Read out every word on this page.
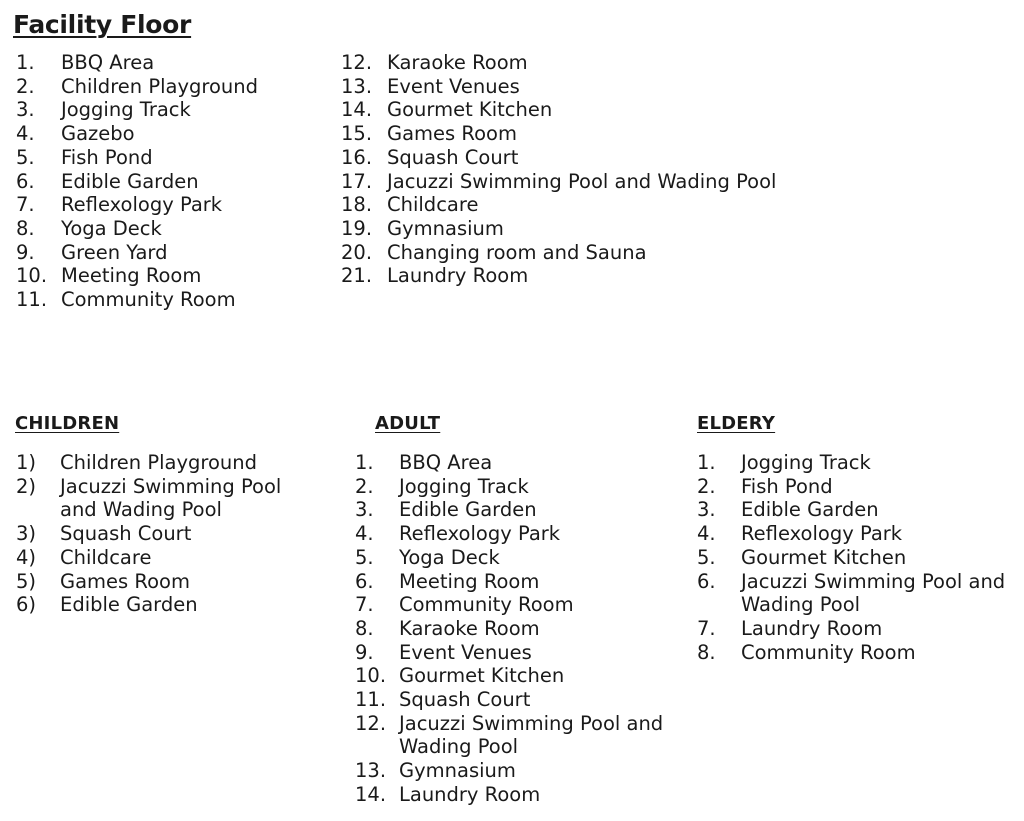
Facility Floor
1.	BBQ Area
2.	Children Playground
3.	Jogging Track
4.	Gazebo
5.	Fish Pond
6.	Edible Garden
7.	Reflexology Park
8.	Yoga Deck
9.	Green Yard
10. Meeting Room
11. Community Room
12. Karaoke Room
13. Event Venues
14. Gourmet Kitchen
15. Games Room
16. Squash Court
17. Jacuzzi Swimming Pool and Wading Pool
18. Childcare
19. Gymnasium
20. Changing room and Sauna
21. Laundry Room
CHILDREN	ADULT	ELDERY
1)	Children Playground
2)	Jacuzzi Swimming Pool and Wading Pool
3)	Squash Court
4)	Childcare
5)	Games Room
6)	Edible Garden
1.	BBQ Area
2.	Jogging Track
3.	Edible Garden
4.	Reflexology Park
5.	Yoga Deck
6.	Meeting Room
7.	Community Room
8.	Karaoke Room
9.	Event Venues
10. Gourmet Kitchen
11. Squash Court
12. Jacuzzi Swimming Pool and Wading Pool
13. Gymnasium
14. Laundry Room
1.	Jogging Track
2.	Fish Pond
3.	Edible Garden
4.	Reflexology Park
5.	Gourmet Kitchen
6.	Jacuzzi Swimming Pool and Wading Pool
7.	Laundry Room
8.	Community Room
